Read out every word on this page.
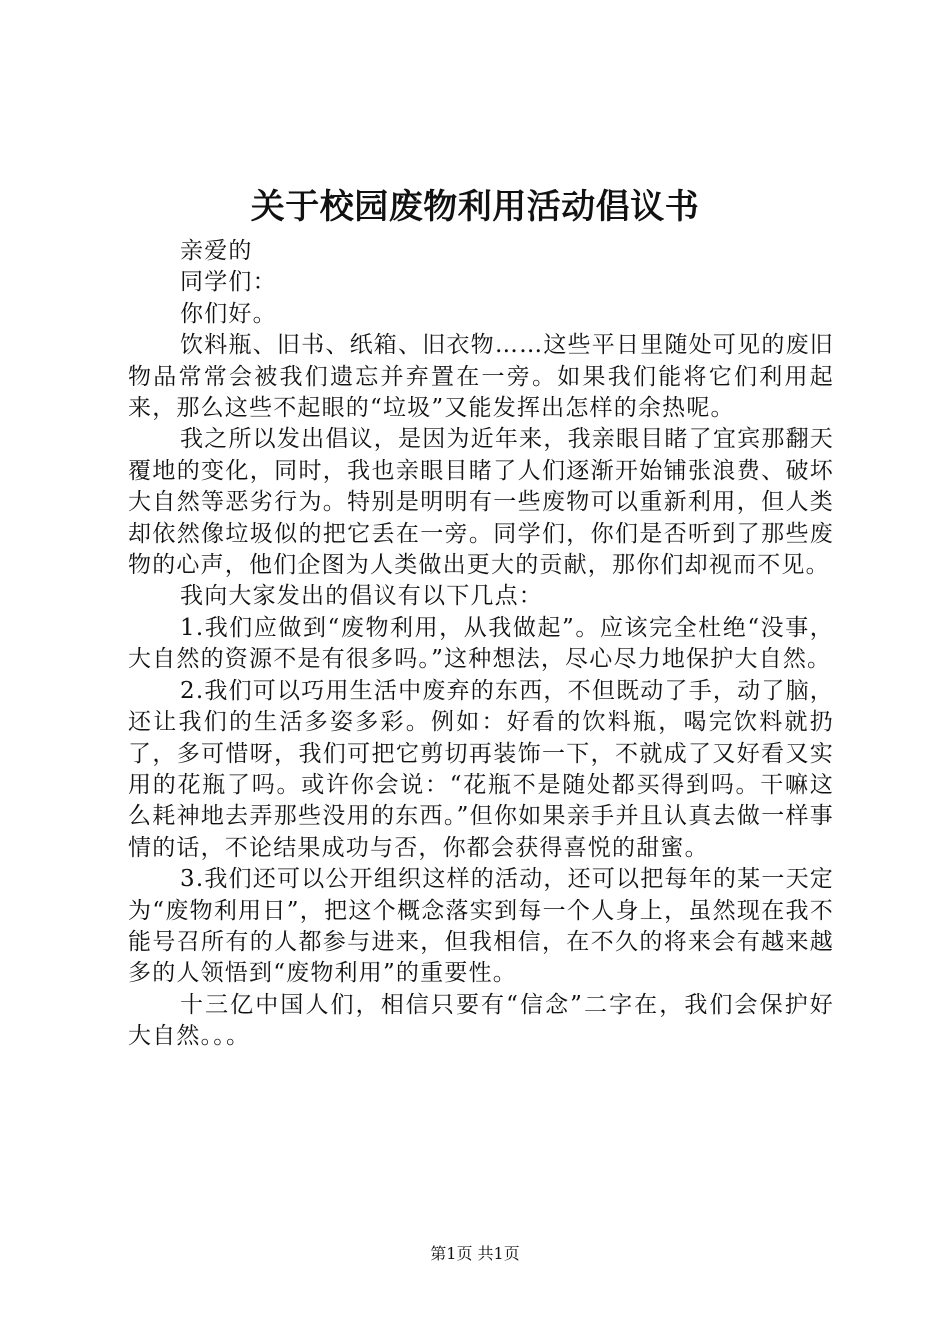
关于校园废物利用活动倡议书

亲爱的

同学们：

你们好。

饮料瓶、旧书、纸箱、旧衣物……这些平日里随处可见的废旧物品常常会被我们遗忘并弃置在一旁。如果我们能将它们利用起来，那么这些不起眼的“垃圾”又能发挥出怎样的余热呢。

我之所以发出倡议，是因为近年来，我亲眼目睹了宜宾那翻天覆地的变化，同时，我也亲眼目睹了人们逐渐开始铺张浪费、破坏大自然等恶劣行为。特别是明明有一些废物可以重新利用，但人类却依然像垃圾似的把它丢在一旁。同学们，你们是否听到了那些废物的心声，他们企图为人类做出更大的贡献，那你们却视而不见。

我向大家发出的倡议有以下几点：

1.我们应做到“废物利用，从我做起”。应该完全杜绝“没事，大自然的资源不是有很多吗。”这种想法，尽心尽力地保护大自然。

2.我们可以巧用生活中废弃的东西，不但既动了手，动了脑，还让我们的生活多姿多彩。例如：好看的饮料瓶，喝完饮料就扔了，多可惜呀，我们可把它剪切再装饰一下，不就成了又好看又实用的花瓶了吗。或许你会说：“花瓶不是随处都买得到吗。干嘛这么耗神地去弄那些没用的东西。”但你如果亲手并且认真去做一样事情的话，不论结果成功与否，你都会获得喜悦的甜蜜。

3.我们还可以公开组织这样的活动，还可以把每年的某一天定为“废物利用日”，把这个概念落实到每一个人身上，虽然现在我不能号召所有的人都参与进来，但我相信，在不久的将来会有越来越多的人领悟到“废物利用”的重要性。

十三亿中国人们，相信只要有“信念”二字在，我们会保护好大自然。。。

第1页 共1页
